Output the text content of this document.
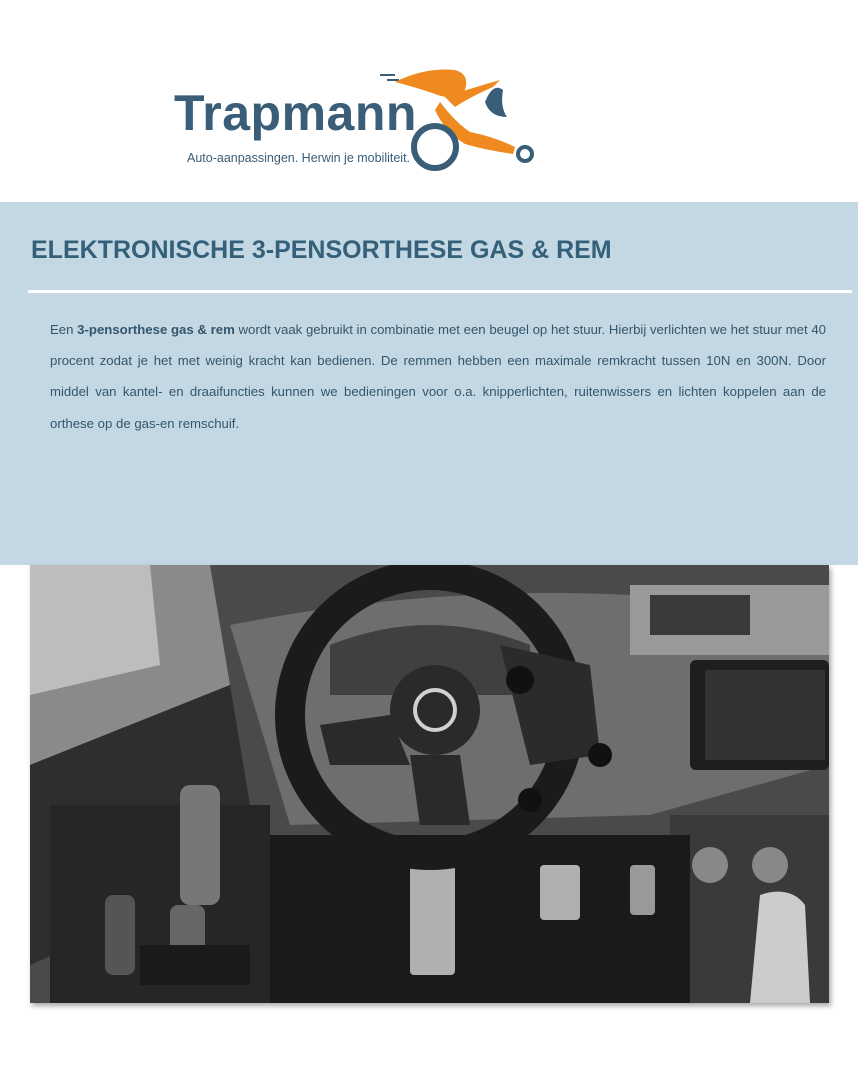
Trapmann
Auto-aanpassingen. Herwin je mobiliteit.
ELEKTRONISCHE 3-PENSORTHESE GAS & REM

Een 3-pensorthese gas & rem wordt vaak gebruikt in combinatie met een beugel op het stuur. Hierbij verlichten we het stuur met 40 procent zodat je het met weinig kracht kan bedienen. De remmen hebben een maximale remkracht tussen 10N en 300N. Door middel van kantel- en draaifuncties kunnen we bedieningen voor o.a. knipperlichten, ruitenwissers en lichten koppelen aan de orthese op de gas-en remschuif.
